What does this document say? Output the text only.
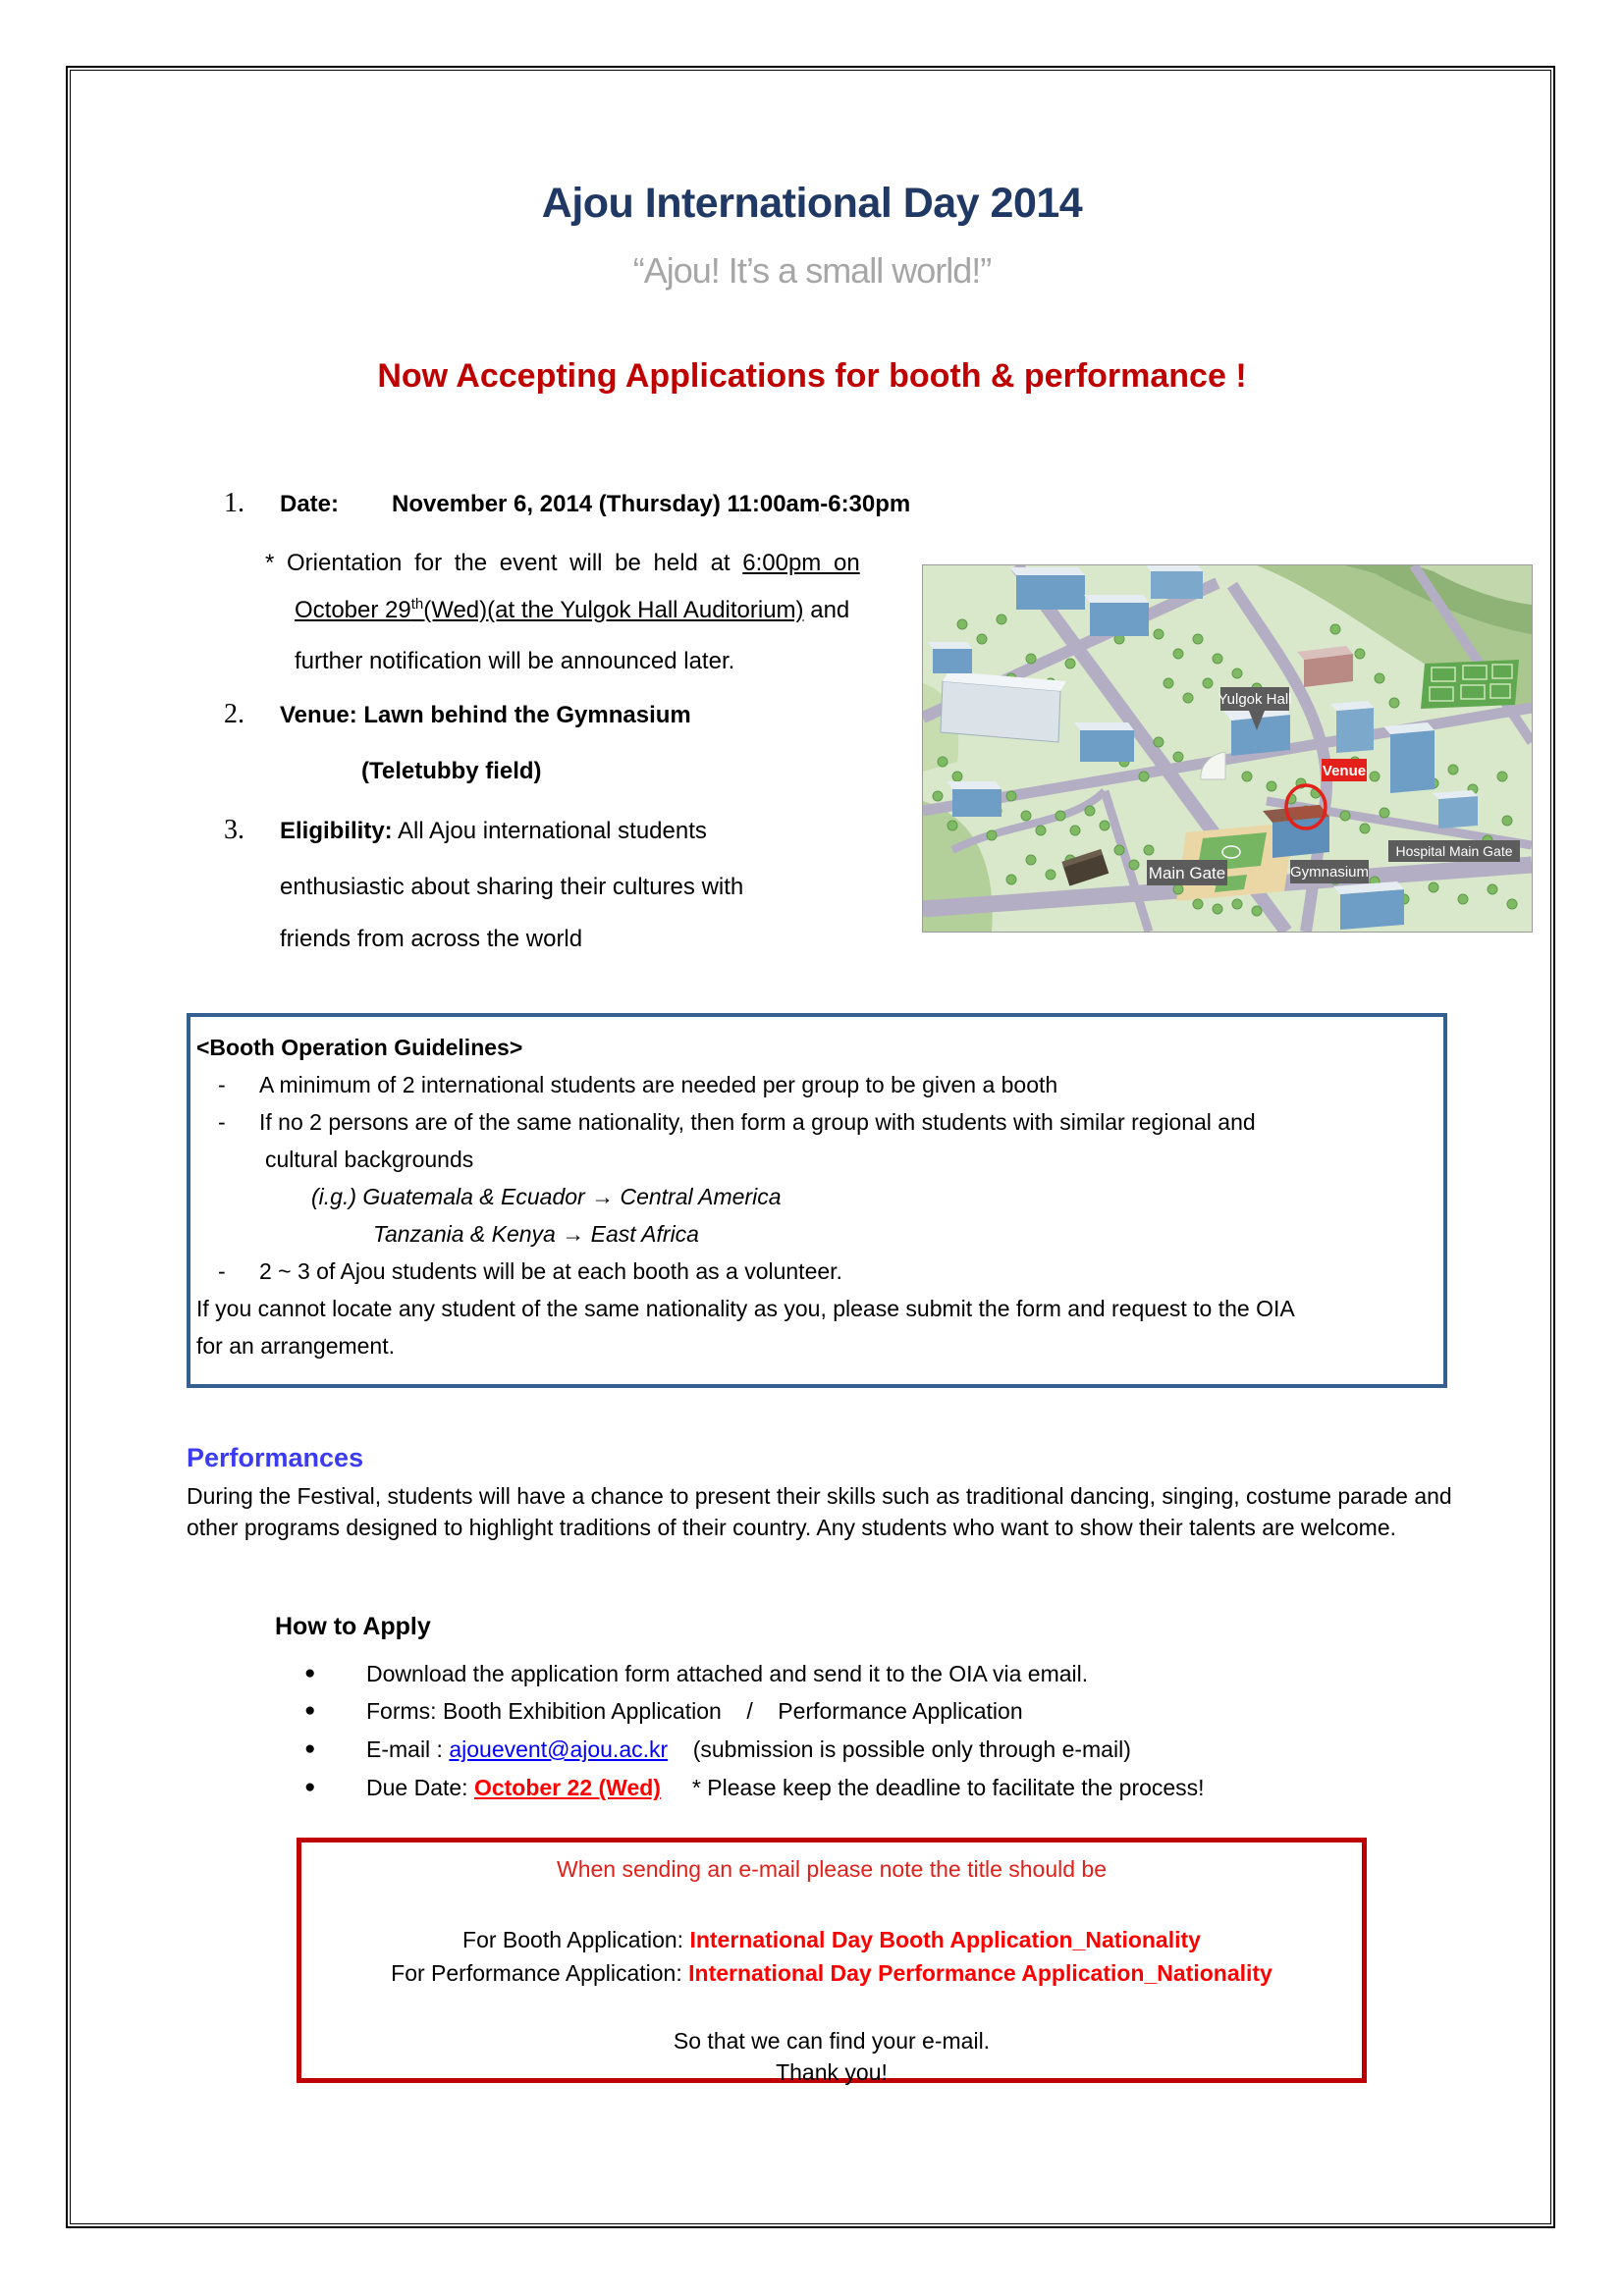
Ajou International Day 2014
“Ajou! It’s a small world!”
Now Accepting Applications for booth & performance !
1. Date: November 6, 2014 (Thursday) 11:00am-6:30pm
* Orientation for the event will be held at 6:00pm on
October 29th(Wed)(at the Yulgok Hall Auditorium) and
further notification will be announced later.
2. Venue: Lawn behind the Gymnasium
(Teletubby field)
3. Eligibility: All Ajou international students
enthusiastic about sharing their cultures with
friends from across the world
Yulgok Hall
Venue
Main Gate	Gymnasium
Hospital Main Gate
<Booth Operation Guidelines>
-	A minimum of 2 international students are needed per group to be given a booth
-	If no 2 persons are of the same nationality, then form a group with students with similar regional and
cultural backgrounds
(i.g.) Guatemala & Ecuador → Central America
Tanzania & Kenya → East Africa
-	2 ~ 3 of Ajou students will be at each booth as a volunteer.
If you cannot locate any student of the same nationality as you, please submit the form and request to the OIA
for an arrangement.
Performances
During the Festival, students will have a chance to present their skills such as traditional dancing, singing, costume parade and other programs designed to highlight traditions of their country. Any students who want to show their talents are welcome.
How to Apply
● Download the application form attached and send it to the OIA via email.
● Forms: Booth Exhibition Application    /    Performance Application
● E-mail : ajouevent@ajou.ac.kr    (submission is possible only through e-mail)
● Due Date: October 22 (Wed)     * Please keep the deadline to facilitate the process!
When sending an e-mail please note the title should be
For Booth Application: International Day Booth Application_Nationality
For Performance Application: International Day Performance Application_Nationality
So that we can find your e-mail.
Thank you!
